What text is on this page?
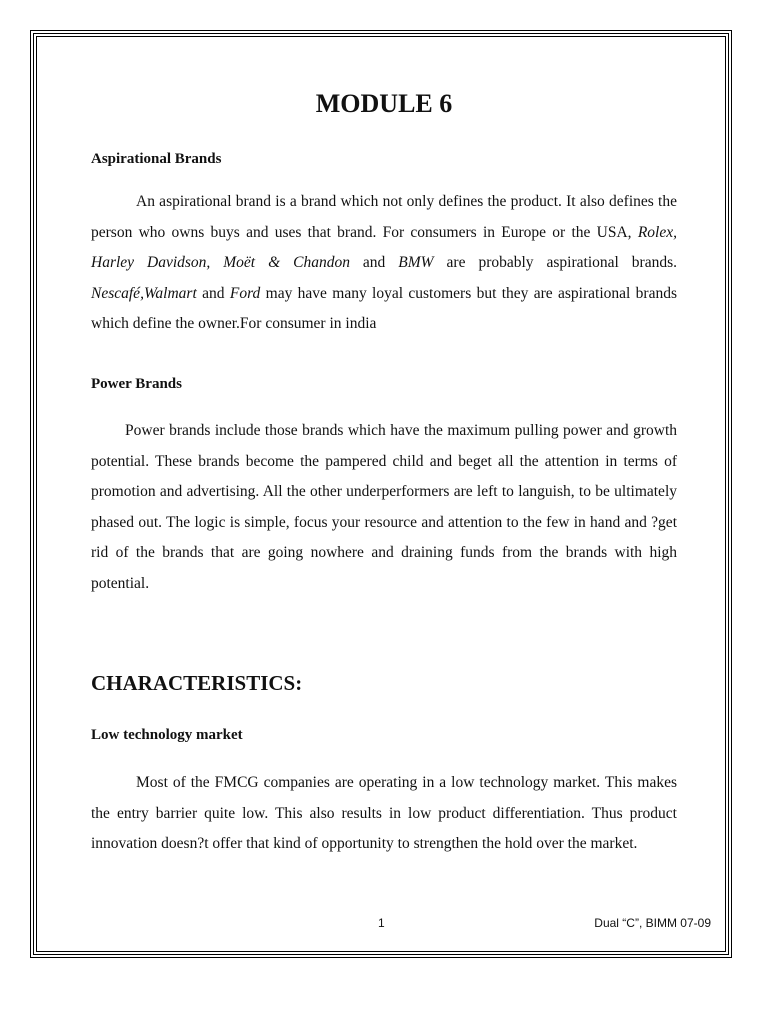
MODULE 6
Aspirational Brands

An aspirational brand is a brand which not only defines the product. It also defines the person who owns buys and uses that brand. For consumers in Europe or the USA, Rolex, Harley Davidson, Moët & Chandon and BMW are probably aspirational brands. Nescafé,Walmart and Ford may have many loyal customers but they are aspirational brands which define the owner.For consumer in india

Power Brands

Power brands include those brands which have the maximum pulling power and growth potential. These brands become the pampered child and beget all the attention in terms of promotion and advertising. All the other underperformers are left to languish, to be ultimately phased out. The logic is simple, focus your resource and attention to the few in hand and ?get rid of the brands that are going nowhere and draining funds from the brands with high potential.

CHARACTERISTICS:
Low technology market

Most of the FMCG companies are operating in a low technology market. This makes the entry barrier quite low. This also results in low product differentiation. Thus product innovation doesn?t offer that kind of opportunity to strengthen the hold over the market.

1	Dual “C”, BIMM 07-09
